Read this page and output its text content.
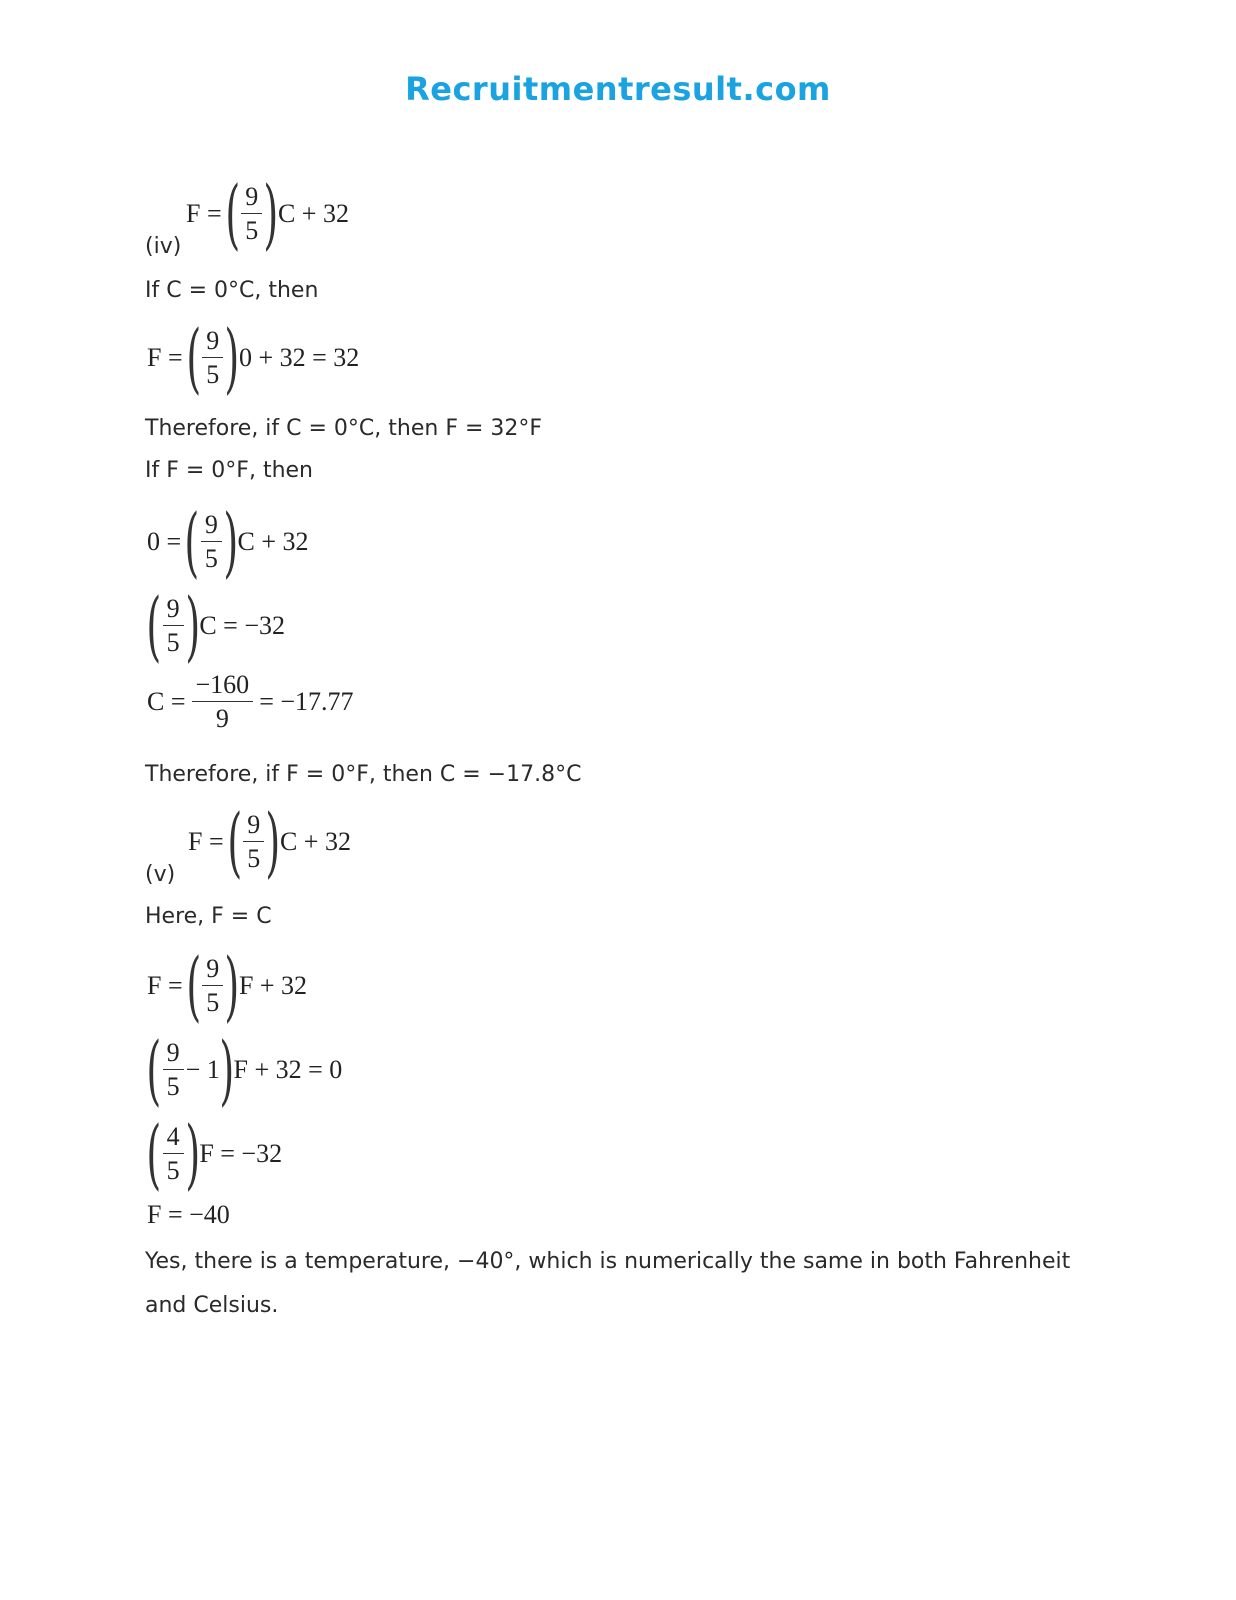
Recruitmentresult.com
F = ( $\frac{9}{5}$ ) C + 32
(iv)
If C = 0°C, then
F = ( $\frac{9}{5}$ ) 0 + 32 = 32
Therefore, if C = 0°C, then F = 32°F
If F = 0°F, then
0 = ( $\frac{9}{5}$ ) C + 32
( $\frac{9}{5}$ ) C = −32
$C = \frac{-160}{9} = -17.77$
Therefore, if F = 0°F, then C = −17.8°C
F = ( $\frac{9}{5}$ ) C + 32
(v)
Here, F = C
F = ( $\frac{9}{5}$ ) F + 32
( $\frac{9}{5} - 1$ ) F + 32 = 0
( $\frac{4}{5}$ ) F = −32
F = −40
Yes, there is a temperature, −40°, which is numerically the same in both Fahrenheit and Celsius.
